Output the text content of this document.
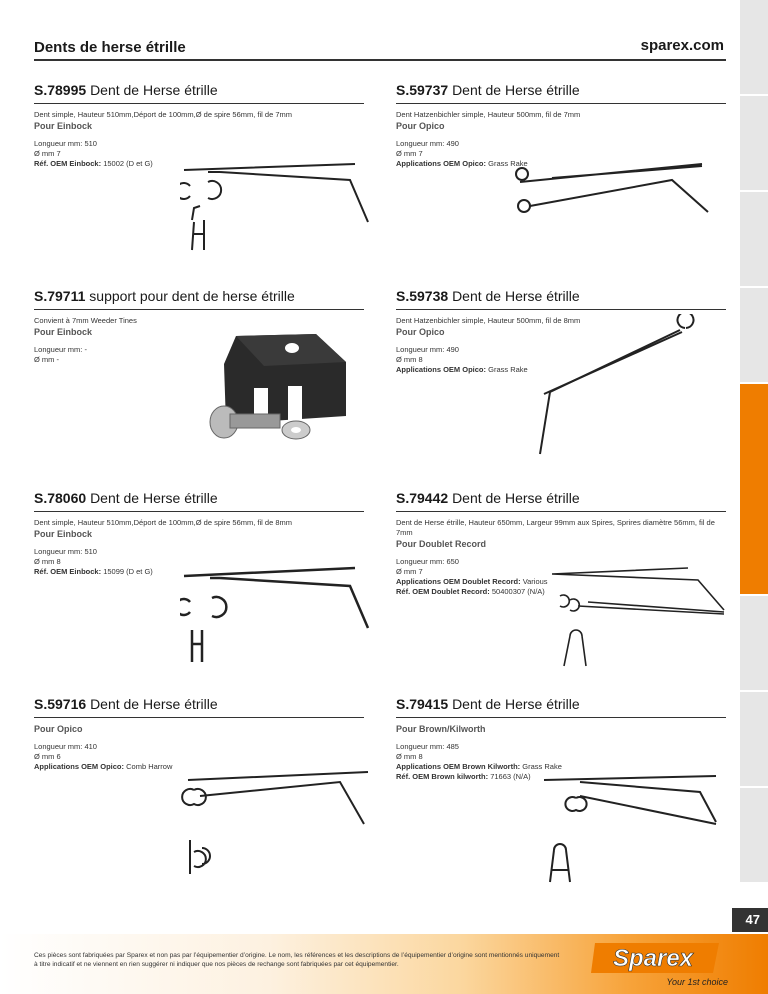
DENTS DE HERSE
Dents de herse étrille	sparex.com
S.78995 Dent de Herse étrille
Dent simple, Hauteur 510mm,Déport de 100mm,Ø de spire 56mm, fil de 7mm
Pour Einbock
Longueur mm: 510
Ø mm 7
Réf. OEM Einbock: 15002 (D et G)
S.59737 Dent de Herse étrille
Dent Hatzenbichler simple, Hauteur 500mm, fil de 7mm
Pour Opico
Longueur mm: 490
Ø mm 7
Applications OEM Opico: Grass Rake
S.79711 support pour dent de herse étrille
Convient à 7mm Weeder Tines
Pour Einbock
Longueur mm: -
Ø mm -
S.59738 Dent de Herse étrille
Dent Hatzenbichler simple, Hauteur 500mm, fil de 8mm
Pour Opico
Longueur mm: 490
Ø mm 8
Applications OEM Opico: Grass Rake
S.78060 Dent de Herse étrille
Dent simple, Hauteur 510mm,Déport de 100mm,Ø de spire 56mm, fil de 8mm
Pour Einbock
Longueur mm: 510
Ø mm 8
Réf. OEM Einbock: 15099 (D et G)
S.79442 Dent de Herse étrille
Dent de Herse étrille, Hauteur 650mm, Largeur 99mm aux Spires, Sprires diamètre 56mm, fil de 7mm
Pour Doublet Record
Longueur mm: 650
Ø mm 7
Applications OEM Doublet Record: Various
Réf. OEM Doublet Record: 50400307 (N/A)
S.59716 Dent de Herse étrille
Pour Opico
Longueur mm: 410
Ø mm 6
Applications OEM Opico: Comb Harrow
S.79415 Dent de Herse étrille
Pour Brown/Kilworth
Longueur mm: 485
Ø mm 8
Applications OEM Brown Kilworth: Grass Rake
Réf. OEM Brown kilworth: 71663 (N/A)
47
Ces pièces sont fabriquées par Sparex et non pas par l’équipementier d’origine. Le nom, les références et les descriptions de l’équipementier d’origine sont mentionnés uniquement à titre indicatif et ne viennent en rien suggérer ni indiquer que nos pièces de rechange sont fabriquées par cet équipementier.	Sparex
Your 1st choice
